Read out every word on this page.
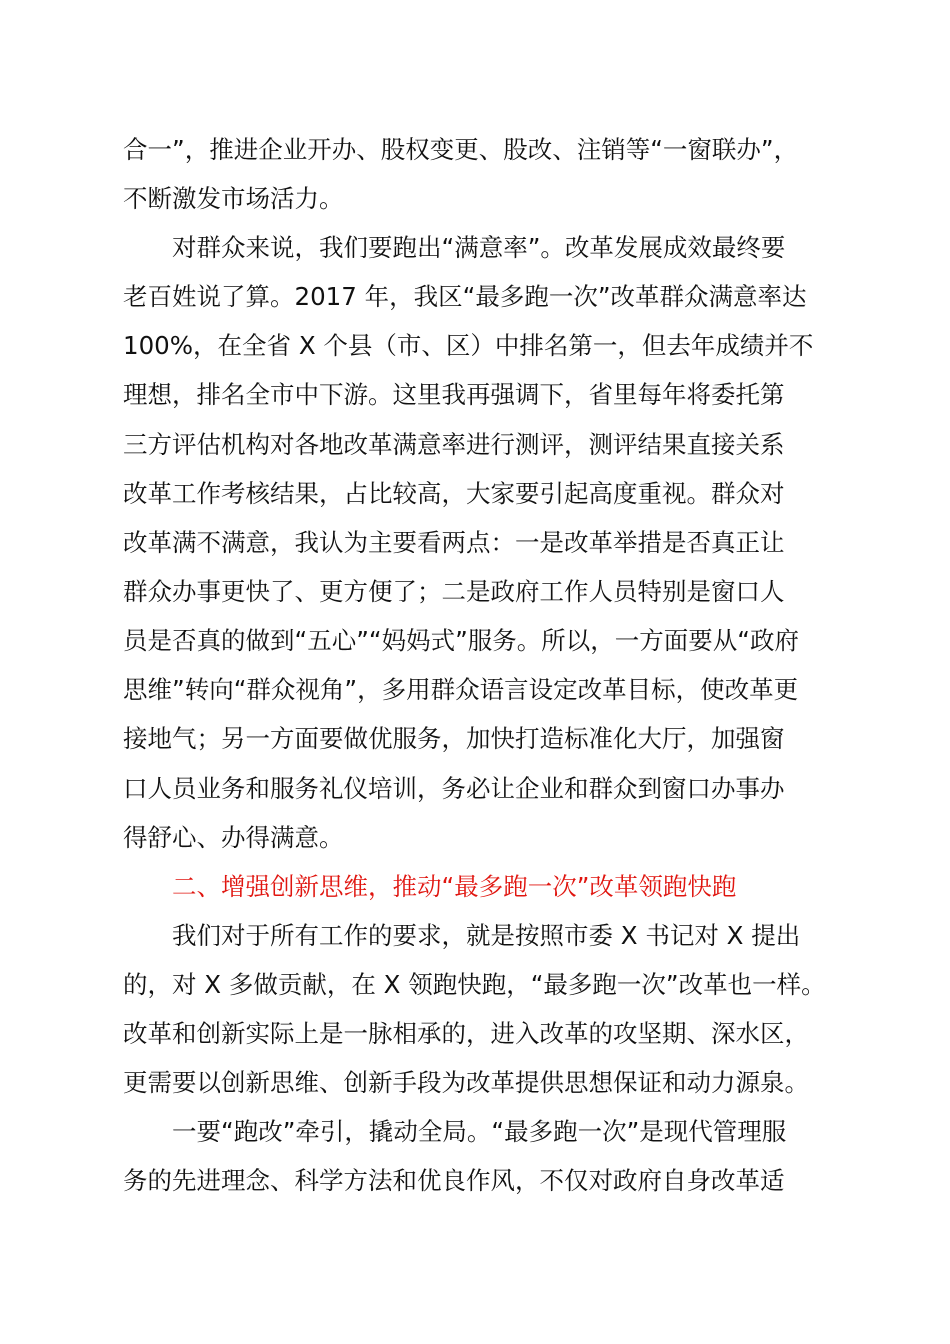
合一”，推进企业开办、股权变更、股改、注销等“一窗联办”，
不断激发市场活力。
　　对群众来说，我们要跑出“满意率”。改革发展成效最终要
老百姓说了算。2017 年，我区“最多跑一次”改革群众满意率达
100%，在全省 X 个县（市、区）中排名第一，但去年成绩并不
理想，排名全市中下游。这里我再强调下，省里每年将委托第
三方评估机构对各地改革满意率进行测评，测评结果直接关系
改革工作考核结果，占比较高，大家要引起高度重视。群众对
改革满不满意，我认为主要看两点：一是改革举措是否真正让
群众办事更快了、更方便了；二是政府工作人员特别是窗口人
员是否真的做到“五心”“妈妈式”服务。所以，一方面要从“政府
思维”转向“群众视角”，多用群众语言设定改革目标，使改革更
接地气；另一方面要做优服务，加快打造标准化大厅，加强窗
口人员业务和服务礼仪培训，务必让企业和群众到窗口办事办
得舒心、办得满意。
　　二、增强创新思维，推动“最多跑一次”改革领跑快跑
　　我们对于所有工作的要求，就是按照市委 X 书记对 X 提出
的，对 X 多做贡献，在 X 领跑快跑，“最多跑一次”改革也一样。
改革和创新实际上是一脉相承的，进入改革的攻坚期、深水区，
更需要以创新思维、创新手段为改革提供思想保证和动力源泉。
　　一要“跑改”牵引，撬动全局。“最多跑一次”是现代管理服
务的先进理念、科学方法和优良作风，不仅对政府自身改革适
